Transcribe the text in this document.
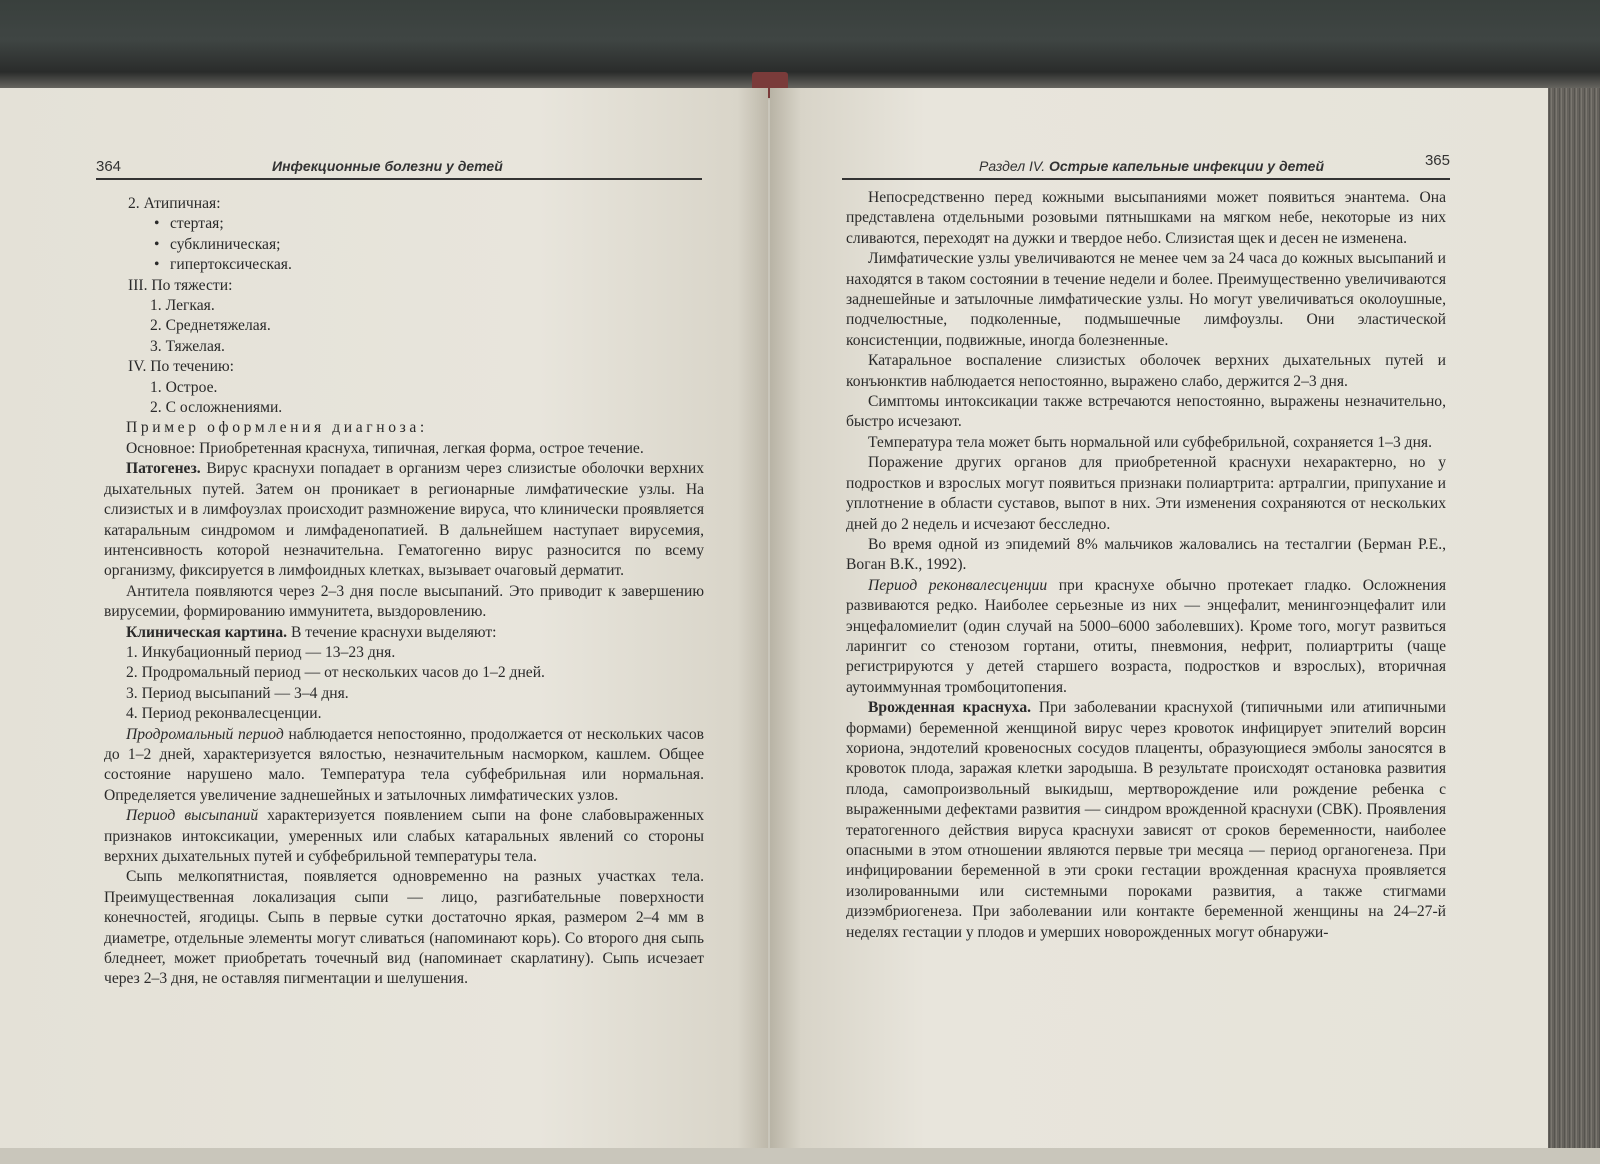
364	Инфекционные болезни у детей

2. Атипичная:

• стертая;

• субклиническая;

• гипертоксическая.

III. По тяжести:

1. Легкая.

2. Среднетяжелая.

3. Тяжелая.

IV. По течению:

1. Острое.

2. С осложнениями.

Пример оформления диагноза:

Основное: Приобретенная краснуха, типичная, легкая форма, острое течение.

Патогенез. Вирус краснухи попадает в организм через слизистые оболочки верхних дыхательных путей. Затем он проникает в регионарные лимфатические узлы. На слизистых и в лимфоузлах происходит размножение вируса, что клинически проявляется катаральным синдромом и лимфаденопатией. В дальнейшем наступает вирусемия, интенсивность которой незначительна. Гематогенно вирус разносится по всему организму, фиксируется в лимфоидных клетках, вызывает очаговый дерматит.

Антитела появляются через 2–3 дня после высыпаний. Это приводит к завершению вирусемии, формированию иммунитета, выздоровлению.

Клиническая картина. В течение краснухи выделяют:

1. Инкубационный период — 13–23 дня.

2. Продромальный период — от нескольких часов до 1–2 дней.

3. Период высыпаний — 3–4 дня.

4. Период реконвалесценции.

Продромальный период наблюдается непостоянно, продолжается от нескольких часов до 1–2 дней, характеризуется вялостью, незначительным насморком, кашлем. Общее состояние нарушено мало. Температура тела субфебрильная или нормальная. Определяется увеличение заднешейных и затылочных лимфатических узлов.

Период высыпаний характеризуется появлением сыпи на фоне слабовыраженных признаков интоксикации, умеренных или слабых катаральных явлений со стороны верхних дыхательных путей и субфебрильной температуры тела.

Сыпь мелкопятнистая, появляется одновременно на разных участках тела. Преимущественная локализация сыпи — лицо, разгибательные поверхности конечностей, ягодицы. Сыпь в первые сутки достаточно яркая, размером 2–4 мм в диаметре, отдельные элементы могут сливаться (напоминают корь). Со второго дня сыпь бледнеет, может приобретать точечный вид (напоминает скарлатину). Сыпь исчезает через 2–3 дня, не оставляя пигментации и шелушения.

Раздел IV. Острые капельные инфекции у детей	365

Непосредственно перед кожными высыпаниями может появиться энантема. Она представлена отдельными розовыми пятнышками на мягком небе, некоторые из них сливаются, переходят на дужки и твердое небо. Слизистая щек и десен не изменена.

Лимфатические узлы увеличиваются не менее чем за 24 часа до кожных высыпаний и находятся в таком состоянии в течение недели и более. Преимущественно увеличиваются заднешейные и затылочные лимфатические узлы. Но могут увеличиваться околоушные, подчелюстные, подколенные, подмышечные лимфоузлы. Они эластической консистенции, подвижные, иногда болезненные.

Катаральное воспаление слизистых оболочек верхних дыхательных путей и конъюнктив наблюдается непостоянно, выражено слабо, держится 2–3 дня.

Симптомы интоксикации также встречаются непостоянно, выражены незначительно, быстро исчезают.

Температура тела может быть нормальной или субфебрильной, сохраняется 1–3 дня.

Поражение других органов для приобретенной краснухи нехарактерно, но у подростков и взрослых могут появиться признаки полиартрита: артралгии, припухание и уплотнение в области суставов, выпот в них. Эти изменения сохраняются от нескольких дней до 2 недель и исчезают бесследно.

Во время одной из эпидемий 8% мальчиков жаловались на тесталгии (Берман Р.Е., Воган В.К., 1992).

Период реконвалесценции при краснухе обычно протекает гладко. Осложнения развиваются редко. Наиболее серьезные из них — энцефалит, менингоэнцефалит или энцефаломиелит (один случай на 5000–6000 заболевших). Кроме того, могут развиться ларингит со стенозом гортани, отиты, пневмония, нефрит, полиартриты (чаще регистрируются у детей старшего возраста, подростков и взрослых), вторичная аутоиммунная тромбоцитопения.

Врожденная краснуха. При заболевании краснухой (типичными или атипичными формами) беременной женщиной вирус через кровоток инфицирует эпителий ворсин хориона, эндотелий кровеносных сосудов плаценты, образующиеся эмболы заносятся в кровоток плода, заражая клетки зародыша. В результате происходят остановка развития плода, самопроизвольный выкидыш, мертворождение или рождение ребенка с выраженными дефектами развития — синдром врожденной краснухи (СВК). Проявления тератогенного действия вируса краснухи зависят от сроков беременности, наиболее опасными в этом отношении являются первые три месяца — период органогенеза. При инфицировании беременной в эти сроки гестации врожденная краснуха проявляется изолированными или системными пороками развития, а также стигмами дизэмбриогенеза. При заболевании или контакте беременной женщины на 24–27-й неделях гестации у плодов и умерших новорожденных могут обнаружи-
